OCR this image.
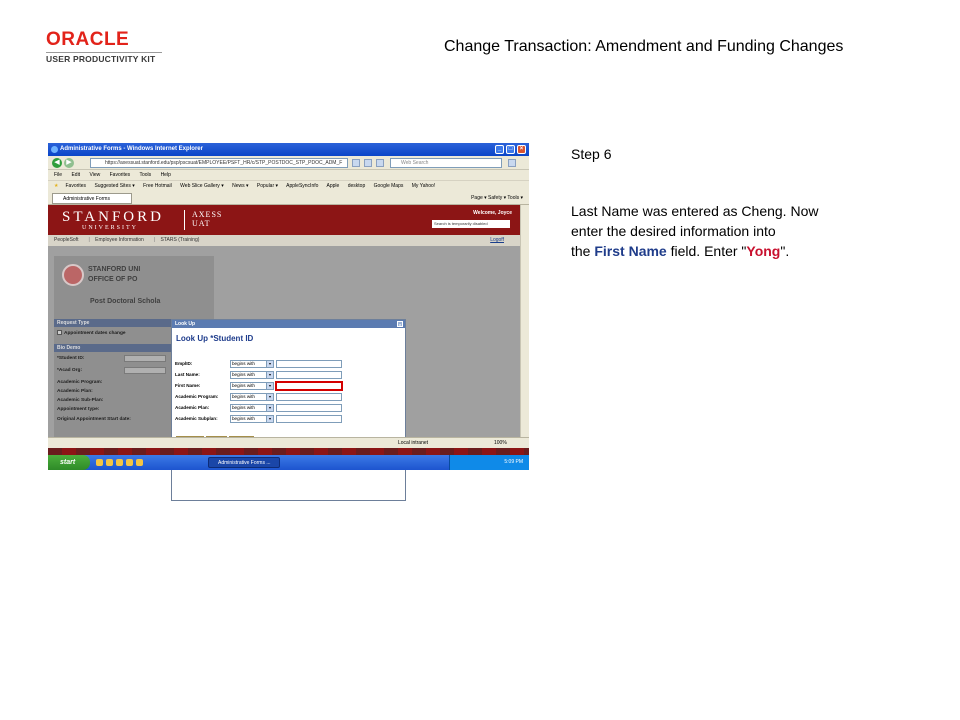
ORACLE
USER PRODUCTIVITY KIT
Change Transaction: Amendment and Funding Changes
Step 6
Last Name was entered as Cheng. Now
enter the desired information into
the First Name field. Enter "Yong".
Administrative Forms - Windows Internet Explorer	_	□	×
◀ ▶	https://axessuat.stanford.edu/psp/pscsuat/EMPLOYEE/PSFT_HR/c/STP_POSTDOC_STP_PDOC_ADM_F	Web Search
File Edit View Favorites Tools Help
★ Favorites Suggested Sites ▾ Free Hotmail Web Slice Gallery ▾ News ▾ Popular ▾ AppleSyncInfo Apple desktop Google Maps My Yahoo!
Administrative Forms	Page ▾ Safety ▾ Tools ▾
STANFORD
UNIVERSITY
AXESS
UAT
Welcome, Joyce
Search is temporarily disabled
PeopleSoft | Employee Information | STARS (Training)	Logoff
STANFORD UNI
OFFICE OF PO
Post Doctoral Schola
Request Type
Appointment dates change
Bio Demo
*Student ID:
*Acad Org:
Academic Program:
Academic Plan:
Academic Sub-Plan:
Appointment type:
Original Appointment Start date:
Look Up	×
Look Up *Student ID
EmplID:	begins with	▾
Last Name:	begins with	▾
First Name:	begins with	▾
Academic Program:	begins with	▾
Academic Plan:	begins with	▾
Academic Subplan:	begins with	▾
Local intranet	100%
start	Administrative Forms ...	5:09 PM
